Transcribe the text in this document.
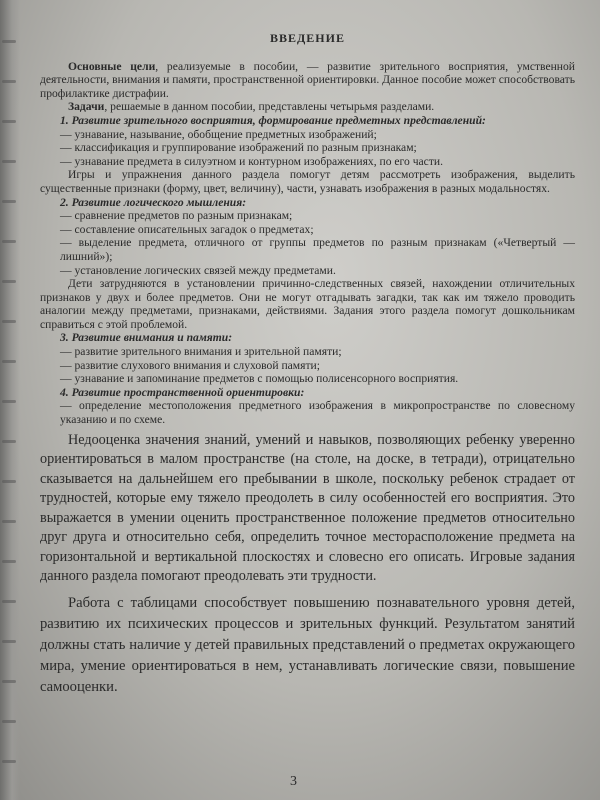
ВВЕДЕНИЕ

Основные цели, реализуемые в пособии, — развитие зрительного восприятия, умственной деятельности, внимания и памяти, пространственной ориентировки. Данное пособие может способствовать профилактике дистрафии.

Задачи, решаемые в данном пособии, представлены четырьмя разделами.

1. Развитие зрительного восприятия, формирование предметных представлений:

— узнавание, называние, обобщение предметных изображений;

— классификация и группирование изображений по разным признакам;

— узнавание предмета в силуэтном и контурном изображениях, по его части.

Игры и упражнения данного раздела помогут детям рассмотреть изображения, выделить существенные признаки (форму, цвет, величину), части, узнавать изображения в разных модальностях.

2. Развитие логического мышления:

— сравнение предметов по разным признакам;

— составление описательных загадок о предметах;

— выделение предмета, отличного от группы предметов по разным признакам («Четвертый — лишний»);

— установление логических связей между предметами.

Дети затрудняются в установлении причинно-следственных связей, нахождении отличительных признаков у двух и более предметов. Они не могут отгадывать загадки, так как им тяжело проводить аналогии между предметами, признаками, действиями. Задания этого раздела помогут дошкольникам справиться с этой проблемой.

3. Развитие внимания и памяти:

— развитие зрительного внимания и зрительной памяти;

— развитие слухового внимания и слуховой памяти;

— узнавание и запоминание предметов с помощью полисенсорного восприятия.

4. Развитие пространственной ориентировки:

— определение местоположения предметного изображения в микропространстве по словесному указанию и по схеме.

Недооценка значения знаний, умений и навыков, позволяющих ребенку уверенно ориентироваться в малом пространстве (на столе, на доске, в тетради), отрицательно сказывается на дальнейшем его пребывании в школе, поскольку ребенок страдает от трудностей, которые ему тяжело преодолеть в силу особенностей его восприятия. Это выражается в умении оценить пространственное положение предметов относительно друг друга и относительно себя, определить точное месторасположение предмета на горизонтальной и вертикальной плоскостях и словесно его описать. Игровые задания данного раздела помогают преодолевать эти трудности.

Работа с таблицами способствует повышению познавательного уровня детей, развитию их психических процессов и зрительных функций. Результатом занятий должны стать наличие у детей правильных представлений о предметах окружающего мира, умение ориентироваться в нем, устанавливать логические связи, повышение самооценки.

3
